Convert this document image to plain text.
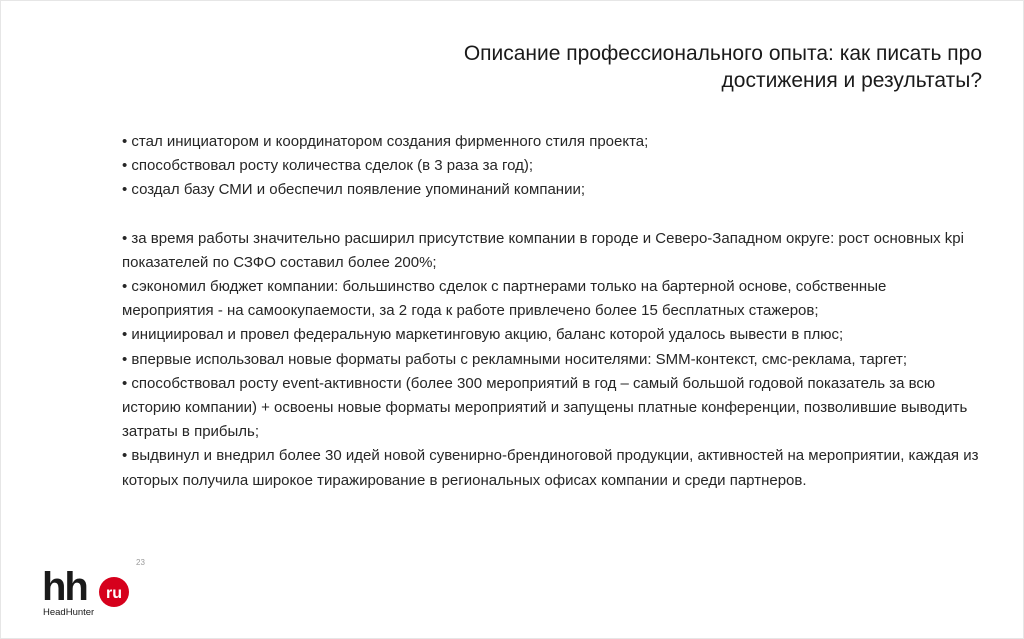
Описание профессионального опыта: как писать про
достижения и результаты?

• стал инициатором и координатором создания фирменного стиля проекта;

• способствовал росту количества сделок (в 3 раза за год);

• создал базу СМИ и обеспечил появление упоминаний компании;

• за время работы значительно расширил присутствие компании в городе и Северо-Западном округе: рост основных kpi показателей по СЗФО составил более 200%;

• сэкономил бюджет компании: большинство сделок с партнерами только на бартерной основе, собственные мероприятия - на самоокупаемости, за 2 года к работе привлечено более 15 бесплатных стажеров;

• инициировал и провел федеральную маркетинговую акцию, баланс которой удалось вывести в плюс;

• впервые использовал новые форматы работы с рекламными носителями: SMM-контекст, смс-реклама, таргет;

• способствовал росту event-активности (более 300 мероприятий в год – самый большой годовой показатель за всю историю компании) + освоены новые форматы мероприятий и запущены платные конференции, позволившие выводить затраты в прибыль;

• выдвинул и внедрил более 30 идей новой сувенирно-брендиноговой продукции, активностей на мероприятии, каждая из которых получила широкое тиражирование в региональных офисах компании и среди партнеров.

23
hh ru
HeadHunter
